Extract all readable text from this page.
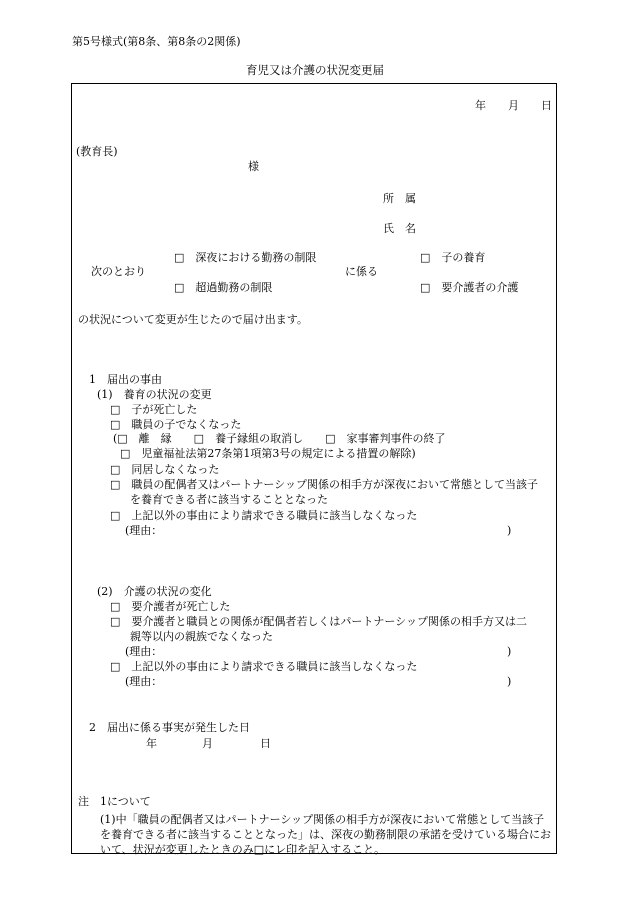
第5号様式(第8条、第8条の2関係)
育児又は介護の状況変更届
年 月 日
(教育長)
様
所　属
氏　名
□　深夜における勤務の制限	□　子の養育
次のとおり	に係る
□　超過勤務の制限	□　要介護者の介護
の状況について変更が生じたので届け出ます。
1　届出の事由
(1)　養育の状況の変更
□　子が死亡した
□　職員の子でなくなった
(□　離　縁　　□　養子縁組の取消し　　□　家事審判事件の終了
□　児童福祉法第27条第1項第3号の規定による措置の解除)
□　同居しなくなった
□　職員の配偶者又はパートナーシップ関係の相手方が深夜において常態として当該子
を養育できる者に該当することとなった
□　上記以外の事由により請求できる職員に該当しなくなった
(理由：	)
(2)　介護の状況の変化
□　要介護者が死亡した
□　要介護者と職員との関係が配偶者若しくはパートナーシップ関係の相手方又は二
親等以内の親族でなくなった
(理由：	)
□　上記以外の事由により請求できる職員に該当しなくなった
(理由：	)
2　届出に係る事実が発生した日
年	月	日
注　1について
(1)中「職員の配偶者又はパートナーシップ関係の相手方が深夜において常態として当該子を養育できる者に該当することとなった」は、深夜の勤務制限の承諾を受けている場合において、状況が変更したときのみ□にレ印を記入すること。
